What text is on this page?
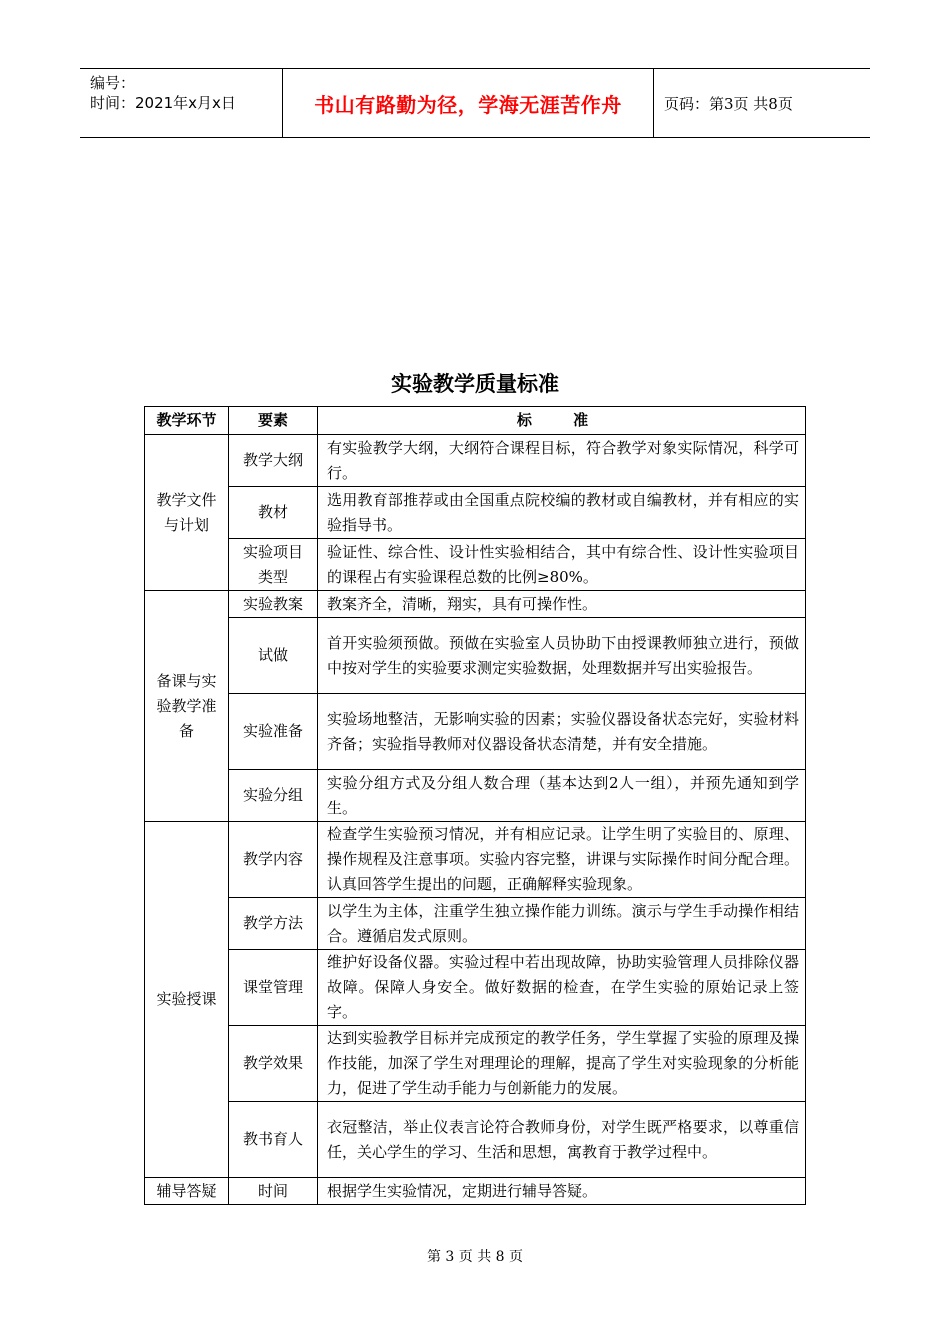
编号：
时间：2021年x月x日	书山有路勤为径，学海无涯苦作舟	页码：第3页 共8页
实验教学质量标准
教学环节	要素	标 准
教学文件与计划	教学大纲	有实验教学大纲，大纲符合课程目标，符合教学对象实际情况，科学可行。
	教材	选用教育部推荐或由全国重点院校编的教材或自编教材，并有相应的实验指导书。
	实验项目类型	验证性、综合性、设计性实验相结合，其中有综合性、设计性实验项目的课程占有实验课程总数的比例≥80%。
备课与实验教学准备	实验教案	教案齐全，清晰，翔实，具有可操作性。
	试做	首开实验须预做。预做在实验室人员协助下由授课教师独立进行，预做中按对学生的实验要求测定实验数据，处理数据并写出实验报告。
	实验准备	实验场地整洁，无影响实验的因素；实验仪器设备状态完好，实验材料齐备；实验指导教师对仪器设备状态清楚，并有安全措施。
	实验分组	实验分组方式及分组人数合理（基本达到2人一组），并预先通知到学生。
实验授课	教学内容	检查学生实验预习情况，并有相应记录。让学生明了实验目的、原理、操作规程及注意事项。实验内容完整，讲课与实际操作时间分配合理。认真回答学生提出的问题，正确解释实验现象。
	教学方法	以学生为主体，注重学生独立操作能力训练。演示与学生手动操作相结合。遵循启发式原则。
	课堂管理	维护好设备仪器。实验过程中若出现故障，协助实验管理人员排除仪器故障。保障人身安全。做好数据的检查，在学生实验的原始记录上签字。
	教学效果	达到实验教学目标并完成预定的教学任务，学生掌握了实验的原理及操作技能，加深了学生对理理论的理解，提高了学生对实验现象的分析能力，促进了学生动手能力与创新能力的发展。
	教书育人	衣冠整洁，举止仪表言论符合教师身份，对学生既严格要求，以尊重信任，关心学生的学习、生活和思想，寓教育于教学过程中。
辅导答疑	时间	根据学生实验情况，定期进行辅导答疑。
第 3 页 共 8 页
